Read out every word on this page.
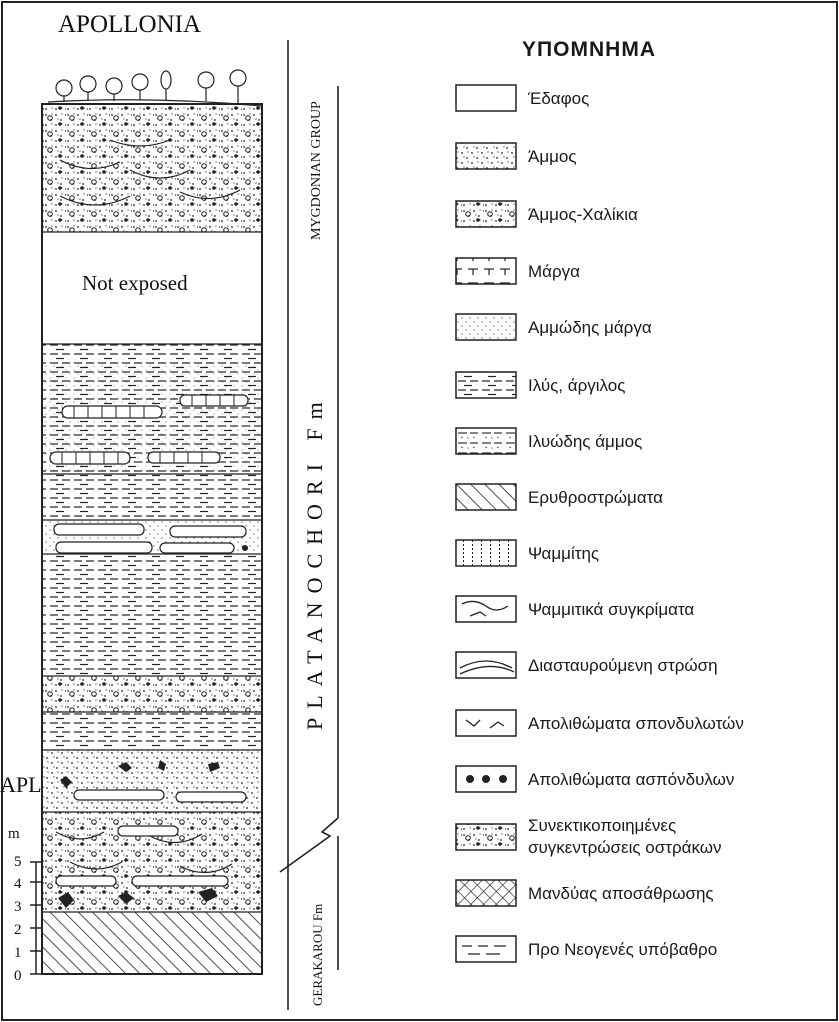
APOLLONIA
Not exposed
APL
m
0
1
2
3
4
5
MYGDONIAN GROUP
PLATANOCHORI Fm
GERAKAROU Fm
ΥΠΟΜΝΗΜΑ
Έδαφος
Άμμος
Άμμος-Χαλίκια
Μάργα
Αμμώδης μάργα
Ιλύς, άργιλος
Ιλυώδης άμμος
Ερυθροστρώματα
Ψαμμίτης
Ψαμμιτικά συγκρίματα
Διασταυρούμενη στρώση
Απολιθώματα σπονδυλωτών
Απολιθώματα ασπόνδυλων
Συνεκτικοποιημένες
συγκεντρώσεις οστράκων
Μανδύας αποσάθρωσης
Προ Νεογενές υπόβαθρο
